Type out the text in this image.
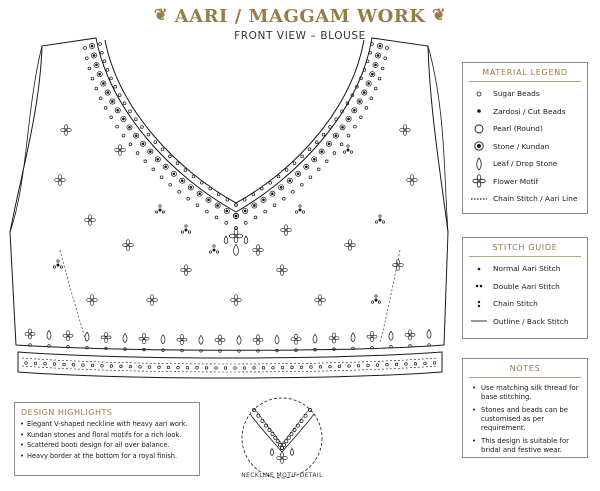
❦ AARI / MAGGAM WORK ❦
FRONT VIEW – BLOUSE
MATERIAL LEGEND
Sugar Beads
Zardosi / Cut Beads
Pearl (Round)
Stone / Kundan
Leaf / Drop Stone
Flower Motif
Chain Stitch / Aari Line
STITCH GUIDE
Normal Aari Stitch
Double Aari Stitch
Chain Stitch
Outline / Back Stitch
NOTES
• Use matching silk thread for base stitching.
• Stones and beads can be customised as per requirement.
• This design is suitable for bridal and festive wear.
DESIGN HIGHLIGHTS
• Elegant V-shaped neckline with heavy aari work.
• Kundan stones and floral motifs for a rich look.
• Scattered booti design for all over balance.
• Heavy border at the bottom for a royal finish.
NECKLINE MOTIF DETAIL
